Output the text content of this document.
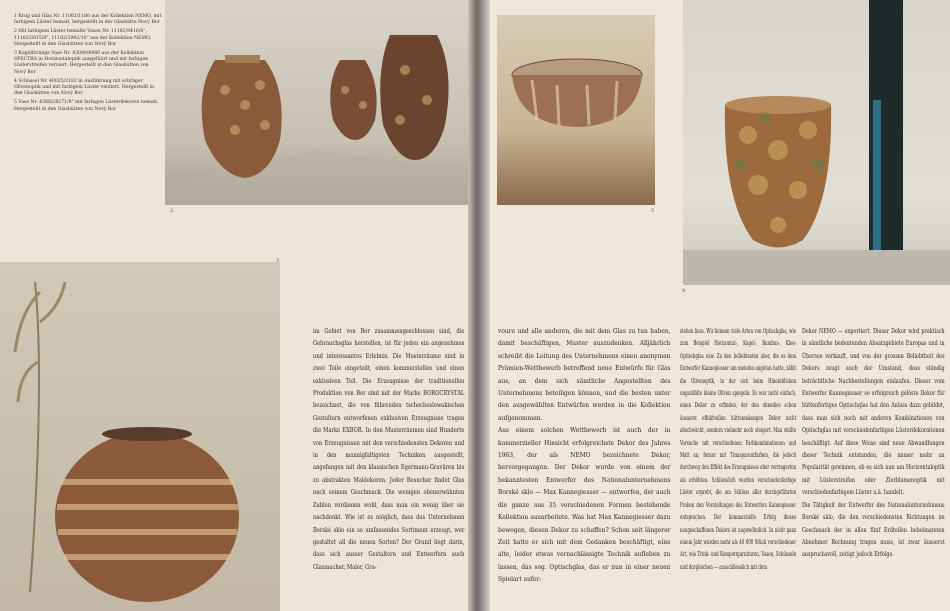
1 Krug und Glas Nr. 11002/1180 aus der Kollektion NEMO, mit farbigem Lüster bemalt, hergestellt in der Glashütte Nový Bor

2 Mit farbigem Lüster bemalte Vasen Nr. 11182/9416/6", 11182/3815/8", 11182/3992/10" aus der Kollektion NEMO, Hergestellt in den Glashütten von Nový Bor

3 Kugelförmige Vase Nr. 43080/8480 aus der Kollektion SPECTRA in Horizontaloptik ausgeführt und mit farbigen Lüsterstreifen verziert. Hergestellt in den Glashütten von Nový Bor

4 Schüssel Nr. 40025/3182 in Ausführung mit schräger Olivenoptik und mit farbigem Lüster verziert. Hergestellt in den Glashütten von Nový Bor

5 Vase Nr. 43082/8271/8" mit farbigen Lüsterdekoren bemalt. Hergestellt in den Glashütten von Nový Bor

2
3

im Gebiet von Bor zusammengeschlossen sind, die Gebrauchsglas herstellen, ist für jeden ein angenehmes und interessantes Erlebnis. Die Musterräume sind in zwei Teile eingeteilt, einen kommerziellen und einen exklusiven Teil. Die Erzeugnisse der traditionellen Produktion von Bor sind mit der Marke BOROCRYSTAL bezeichnet, die von führenden tschechoslowakischen Gestaltern entworfenen exklusiven Erzeugnisse tragen die Marke EXBOR. In den Musterräumen sind Hunderte von Erzeugnissen mit den verschiedensten Dekoren und in den mannigfaltigsten Techniken ausgestellt, angefangen mit den klassischen Egermann-Gravüren bis zu abstrakten Maldekoren. Jeder Besucher findet Glas nach seinem Geschmack. Die wenigen obenerwähnten Zahlen verdienen wohl, dass man ein wenig über sie nachdenkt. Wie ist es möglich, dass das Unternehmen Borské sklo ein so umfassendes Sortiment erzeugt, wer gestaltet all die neuen Sorten? Der Grund liegt darin, dass sich ausser Gestaltern und Entwerfern auch Glasmacher, Maler, Gra-

5
4

voure und alle anderen, die mit dem Glas zu tun haben, damit beschäftigen, Muster auszudenken. Alljährlich schreibt die Leitung des Unternehmens einen anonymen Prämien-Wettbewerb betreffend neue Entwürfe für Glas aus, an dem sich sämtliche Angestellten des Unternehmens beteiligen können, und die besten unter den ausgewählten Entwürfen werden in die Kollektion aufgenommen.

Aus einem solchen Wettbewerb ist auch der in kommerzieller Hinsicht erfolgreichste Dekor des Jahres 1963, der als NEMO bezeichnete Dekor, hervorgegangen. Der Dekor wurde von einem der bekanntesten Entwerfer des Nationalunternehmens Borské sklo — Max Kannegiesser — entworfen, der auch die ganze aus 35 verschiedenen Formen bestehende Kollektion ausarbeitete. Was hat Max Kannegiesser dazu bewogen, diesen Dekor zu schaffen? Schon seit längerer Zeit hatte er sich mit dem Gedanken beschäftigt, eine alte, leider etwas vernachlässigte Technik aufleben zu lassen, das sog. Optischglas, das er nun in einer neuen Spielart aufer-

stehen liess. Wir kennen viele Arten von Optischglas, wie zum Beispiel Horizontal-, Kugel-, Bambus-, Klee-Optischglas usw. Zu den beliebtesten aber, die es dem Entwerfer Kannegiesser am meisten angetan hatte, zählt die Olivenoptik, in der sich beim Hineinblicken ungezählte kleine Oliven spiegeln. Es war nicht einfach, einen Dekor zu erfinden, der den ohnedies schon äusserst effektvollen hüttenmässigen Dekor nicht abschwächt, sondern vielmehr noch steigert. Man stellte Versuche mit verschiedenen Farbkombinationen und Matt an, ferner mit Transparentfarben, die jedoch durchweg den Effekt des Erzeugnisses eher verringerten als erhöhten. Schliesslich wurden verschiedenfarbige Lüster erprobt, die am Schluss aller durchgeführten Proben den Vorstellungen des Entwerfers Kannegiesser entsprachen. Der kommerzielle Erfolg dieses neugeschaffenen Dekors ist ungewöhnlich. In nicht ganz einem Jahr wurden mehr als 40 000 Stück verschiedener Art, wie Trink- und Kompottgarnituren, Vasen, Schüsseln und dergleichen — ausschliesslich mit dem

Dekor NEMO — exportiert. Dieser Dekor wird praktisch in sämtliche bedeutenden Absatzgebiete Europas und in Übersee verkauft, und von der grossen Beliebtheit des Dekors zeugt auch der Umstand, dass ständig beträchtliche Nachbestellungen einlaufen. Dieser vom Entwerfer Kannegiesser so erfolgreich gelöste Dekor für hüttenfertiges Optischglas hat den Anlass dazu gebildet, dass man sich noch mit anderen Kombinationen von Optischglas mit verschiedenfarbigen Lüsterdekorationen beschäftigt. Auf diese Weise sind neue Abwandlungen dieser Technik entstanden, die immer mehr an Popularität gewinnen, ob es sich nun um Horizontaloptik mit Lüsterstreifen oder Zierblumenoptik mit verschiedenfarbigem Lüster u.ä. handelt.

Die Tätigkeit der Entwerfer des Nationalunternehmens Borské sklo, die den verschiedensten Richtungen im Geschmack der in allen fünf Erdteilen beheimateten Abnehmer Rechnung tragen muss, ist zwar äusserst anspruchsvoll, zeitigt jedoch Erfolge.
